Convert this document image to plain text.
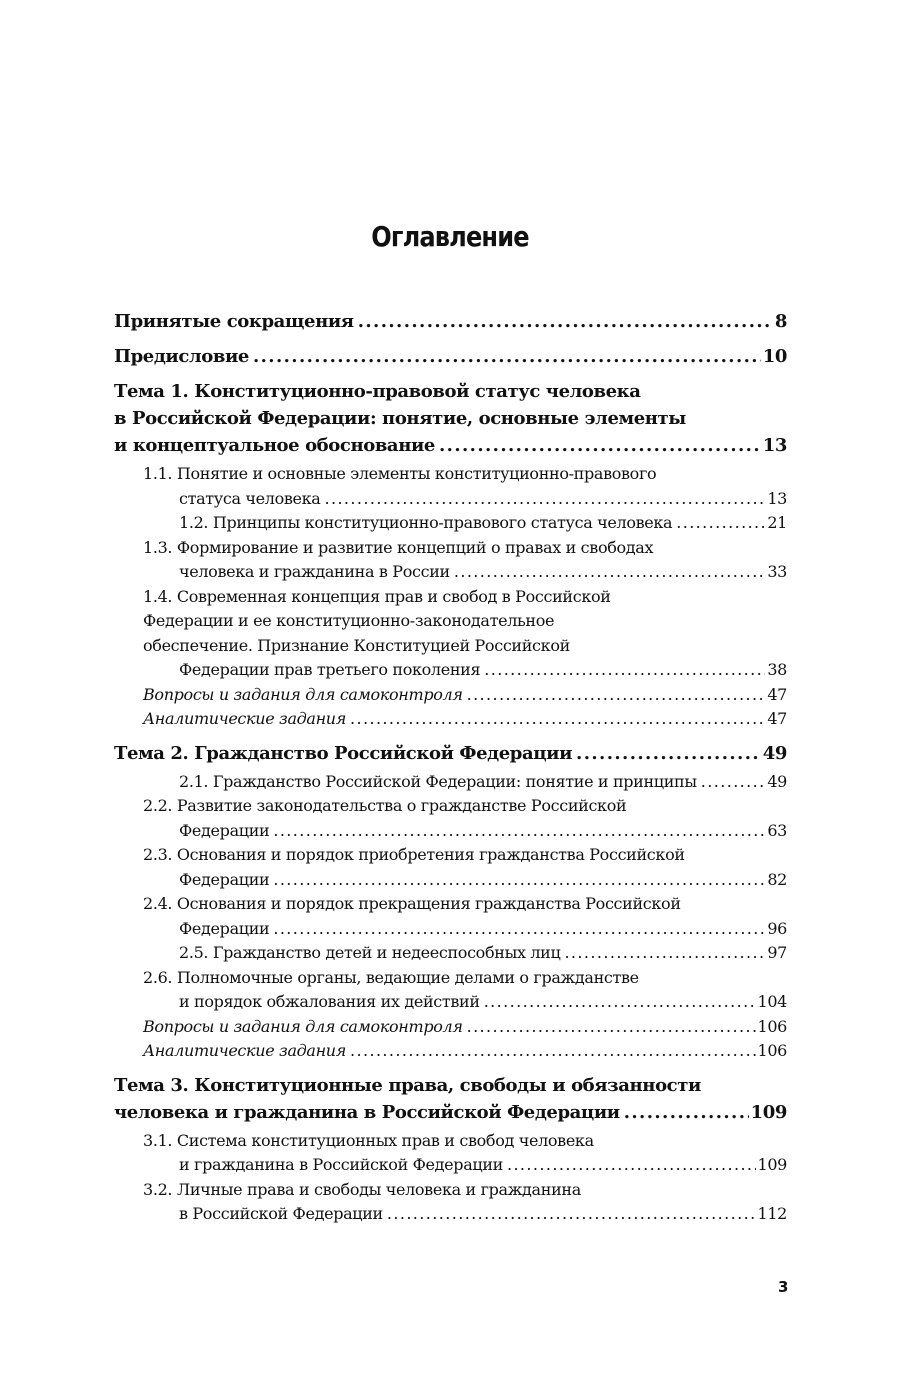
Оглавление
Принятые сокращения .....	8
Предисловие .....	10
Тема 1. Конституционно-правовой статус человека
в Российской Федерации: понятие, основные элементы
и концептуальное обоснование .....	13
1.1. Понятие и основные элементы конституционно-правового
статуса человека .....	13
1.2. Принципы конституционно-правового статуса человека .....	21
1.3. Формирование и развитие концепций о правах и свободах
человека и гражданина в России .....	33
1.4. Современная концепция прав и свобод в Российской
Федерации и ее конституционно-законодательное
обеспечение. Признание Конституцией Российской
Федерации прав третьего поколения .....	38
Вопросы и задания для самоконтроля .....	47
Аналитические задания .....	47
Тема 2. Гражданство Российской Федерации .....	49
2.1. Гражданство Российской Федерации: понятие и принципы .....	49
2.2. Развитие законодательства о гражданстве Российской
Федерации .....	63
2.3. Основания и порядок приобретения гражданства Российской
Федерации .....	82
2.4. Основания и порядок прекращения гражданства Российской
Федерации .....	96
2.5. Гражданство детей и недееспособных лиц .....	97
2.6. Полномочные органы, ведающие делами о гражданстве
и порядок обжалования их действий .....	104
Вопросы и задания для самоконтроля .....	106
Аналитические задания .....	106
Тема 3. Конституционные права, свободы и обязанности
человека и гражданина в Российской Федерации .....	109
3.1. Система конституционных прав и свобод человека
и гражданина в Российской Федерации .....	109
3.2. Личные права и свободы человека и гражданина
в Российской Федерации .....	112
3
